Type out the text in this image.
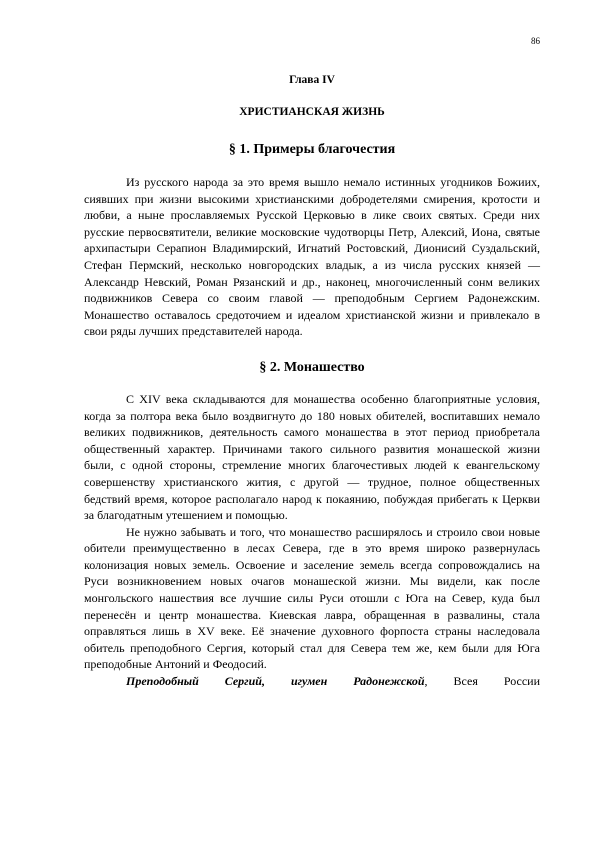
86
Глава IV
ХРИСТИАНСКАЯ ЖИЗНЬ
§ 1. Примеры благочестия

Из русского народа за это время вышло немало истинных угодников Божиих, сиявших при жизни высокими христианскими добродетелями смирения, кротости и любви, а ныне прославляемых Русской Церковью в лике своих святых. Среди них русские первосвятители, великие московские чудотворцы Петр, Алексий, Иона, святые архипастыри Серапион Владимирский, Игнатий Ростовский, Дионисий Суздальский, Стефан Пермский, несколько новгородских владык, а из числа русских князей — Александр Невский, Роман Рязанский и др., наконец, многочисленный сонм великих подвижников Севера со своим главой — преподобным Сергием Радонежским. Монашество оставалось средоточием и идеалом христианской жизни и привлекало в свои ряды лучших представителей народа.

§ 2. Монашество

С XIV века складываются для монашества особенно благоприятные условия, когда за полтора века было воздвигнуто до 180 новых обителей, воспитавших немало великих подвижников, деятельность самого монашества в этот период приобретала общественный характер. Причинами такого сильного развития монашеской жизни были, с одной стороны, стремление многих благочестивых людей к евангельскому совершенству христианского жития, с другой — трудное, полное общественных бедствий время, которое располагало народ к покаянию, побуждая прибегать к Церкви за благодатным утешением и помощью.

Не нужно забывать и того, что монашество расширялось и строило свои новые обители преимущественно в лесах Севера, где в это время широко развернулась колонизация новых земель. Освоение и заселение земель всегда сопровождались на Руси возникновением новых очагов монашеской жизни. Мы видели, как после монгольского нашествия все лучшие силы Руси отошли с Юга на Север, куда был перенесён и центр монашества. Киевская лавра, обращенная в развалины, стала оправляться лишь в XV веке. Её значение духовного форпоста страны наследовала обитель преподобного Сергия, который стал для Севера тем же, кем были для Юга преподобные Антоний и Феодосий.

Преподобный Сергий, игумен Радонежской, Всея России
